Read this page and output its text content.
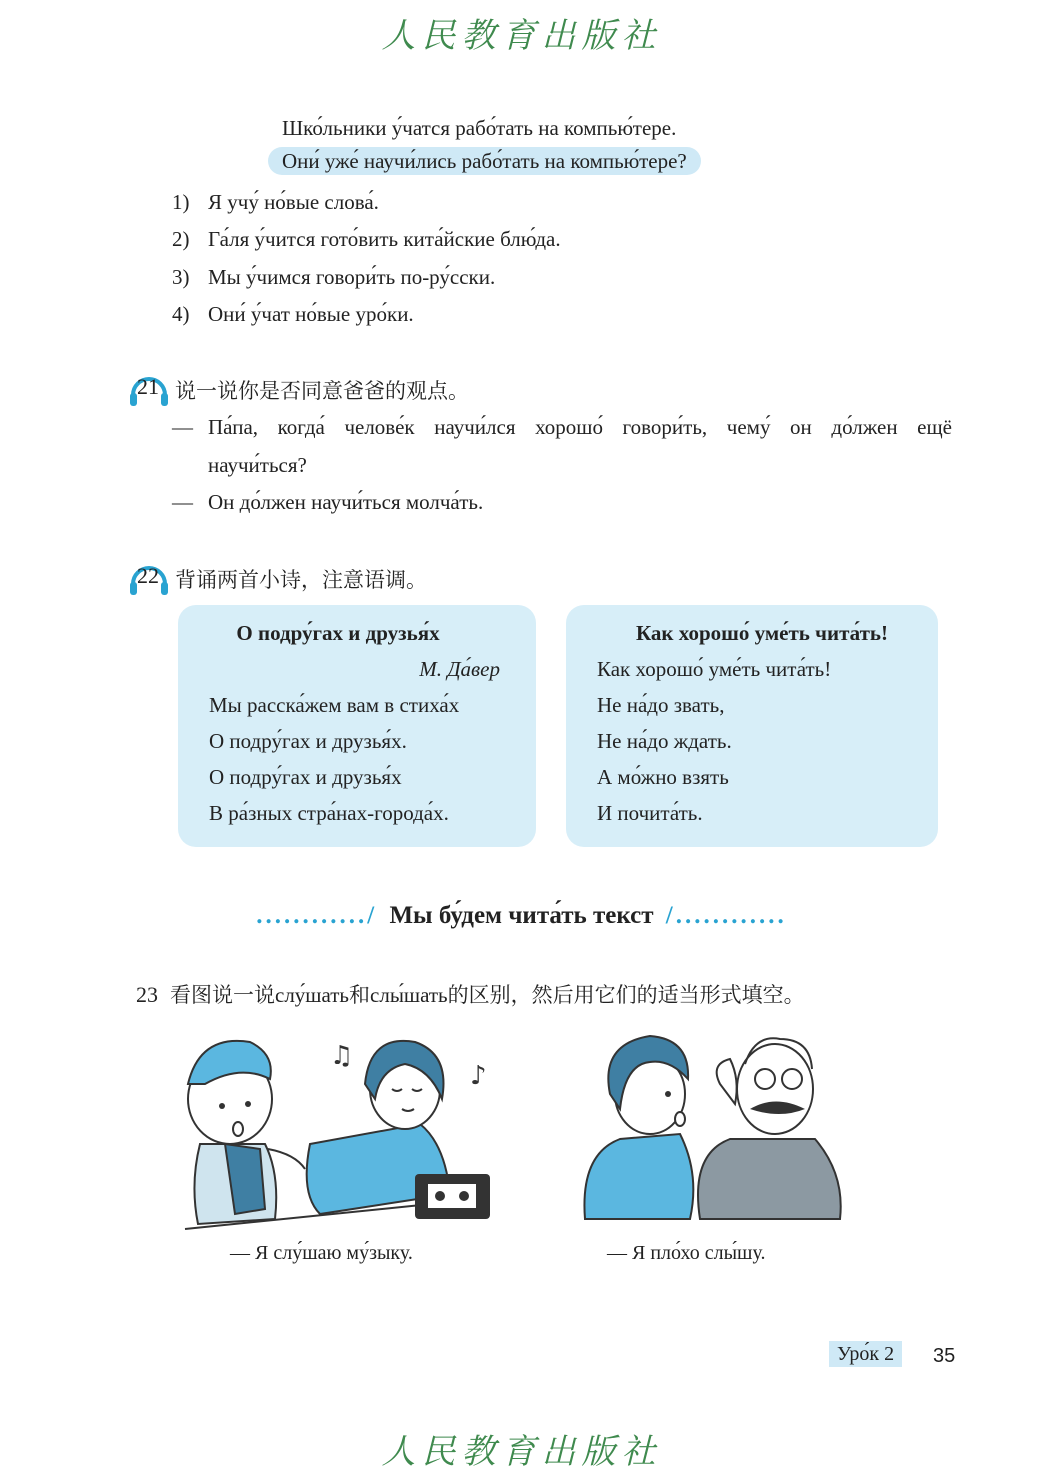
人民教育出版社
Шко́льники у́чатся рабо́тать на компью́тере.
Они́ уже́ научи́лись рабо́тать на компью́тере?
1) Я учу́ но́вые слова́.
2) Га́ля у́чится гото́вить кита́йские блю́да.
3) Мы у́чимся говори́ть по-ру́сски.
4) Они́ у́чат но́вые уро́ки.
21 说一说你是否同意爸爸的观点。
— Па́па, когда́ челове́к научи́лся хорошо́ говори́ть, чему́ он до́лжен ещё
научи́ться?
— Он до́лжен научи́ться молча́ть.
22 背诵两首小诗，注意语调。
О подру́гах и друзья́х
М. Да́вер
Мы расска́жем вам в стиха́х
О подру́гах и друзья́х.
О подру́гах и друзья́х
В ра́зных стра́нах-города́х.
Как хорошо́ уме́ть чита́ть!
Как хорошо́ уме́ть чита́ть!
Не на́до звать,
Не на́до ждать.
А мо́жно взять
И почита́ть.
............/ Мы бу́дем чита́ть текст /............
23 看图说一说слу́шать和слы́шать的区别，然后用它们的适当形式填空。
♫
♪
— Я слу́шаю му́зыку.	— Я пло́хо слы́шу.
Уро́к 2	35
人民教育出版社
